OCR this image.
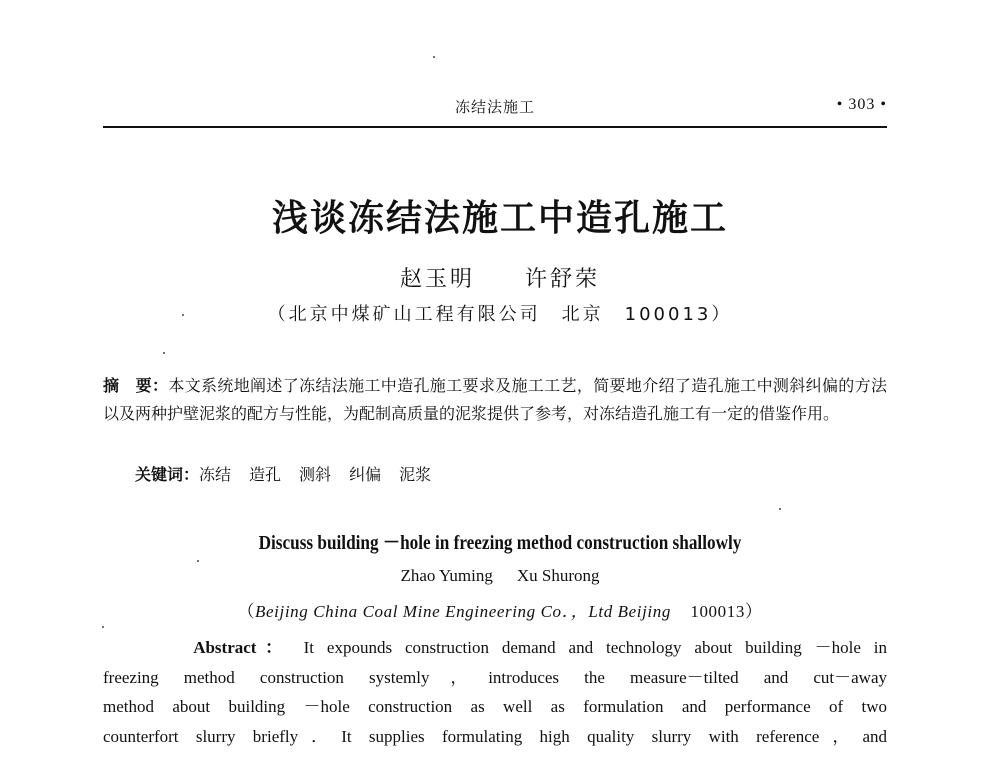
冻结法施工	• 303 •
浅谈冻结法施工中造孔施工
赵玉明　　许舒荣
（北京中煤矿山工程有限公司　北京　100013）

摘　要：本文系统地阐述了冻结法施工中造孔施工要求及施工工艺，简要地介绍了造孔施工中测斜纠偏的方法以及两种护壁泥浆的配方与性能，为配制高质量的泥浆提供了参考，对冻结造孔施工有一定的借鉴作用。

关键词：冻结 造孔 测斜 纠偏 泥浆
Discuss building －hole in freezing method construction shallowly
Zhao Yuming Xu Shurong
（Beijing China Coal Mine Engineering Co．，Ltd Beijing 100013）
Abstract： It expounds construction demand and technology about building －hole in
freezing method construction systemly，introduces the measure－tilted and cut－away
method about building －hole construction as well as formulation and performance of two
counterfort slurry briefly．It supplies formulating high quality slurry with reference，and
